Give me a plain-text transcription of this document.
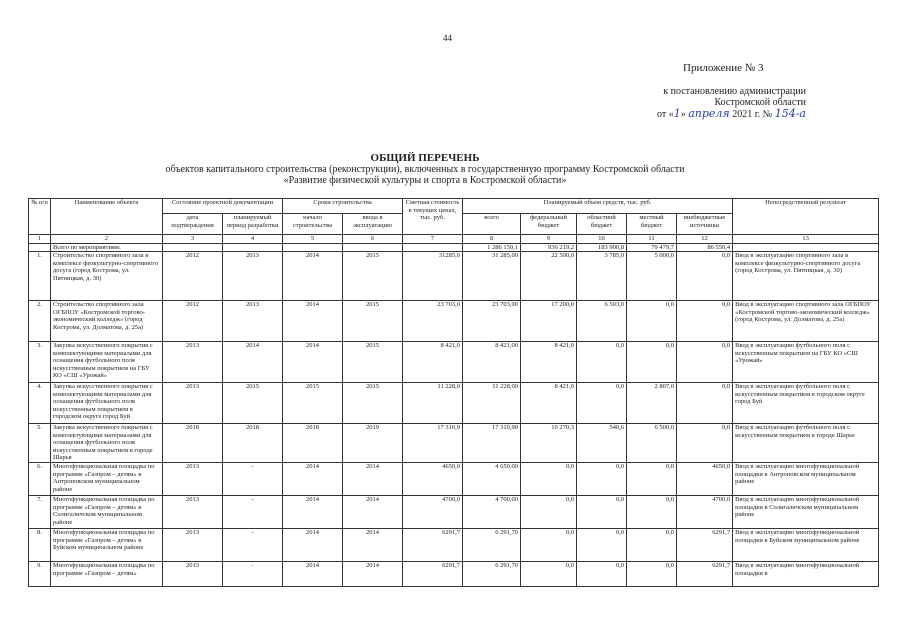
44
Приложение № 3
к постановлению администрации
Костромской области
от «1» апреля 2021 г. № 154-а
ОБЩИЙ ПЕРЕЧЕНЬ
объектов капитального строительства (реконструкции), включенных в государственную программу Костромской области
«Развитие физической культуры и спорта в Костромской области»
№ п/п	Наименование объекта	Состояние проектной документации		Сроки строительства		Сметная стоимость в текущих ценах, тыс. руб.	Планируемый объем средств, тыс. руб.					Непосредственный результат
		дата подтверждения	планируемый период разработки	начало строительства	ввода в эксплуатацию		всего	федеральный бюджет	областной бюджет	местный бюджет	внебюджетные источники	
1	2	3	4	5	6	7	8	9	10	11	12	13
	Всего по мероприятиям:						1 286 150,1	936 219,2	183 900,8	79 479,7	86 550,4	
1.	Строительство спортивного зала в комплексе физкультурно-спортивного досуга (город Кострома, ул. Пятницкая, д. 30)	2012	2013	2014	2015	31285,0	31 285,00	22 500,0	3 785,0	5 000,0	0,0	Ввод в эксплуатацию спортивного зала в комплексе физкультурно-спортивного досуга (город Кострома, ул. Пятницкая, д. 30)
2.	Строительство спортивного зала ОГБПОУ «Костромской торгово-экономический колледж» (город Кострома, ул. Долматова, д. 25а)	2012	2013	2014	2015	23 703,0	23 703,00	17 200,0	6 503,0	0,0	0,0	Ввод в эксплуатацию спортивного зала ОГБПОУ «Костромской торгово-экономический колледж» (город Кострома, ул. Долматова, д. 25а)
3.	Закупка искусственного покрытия с комплектующими материалами для оснащения футбольного поля искусственным покрытием на ГБУ КО «СШ «Урожай»	2013	2014	2014	2015	8 421,0	8 421,00	8 421,0	0,0	0,0	0,0	Ввод в эксплуатацию футбольного поля с искусственным покрытием на ГБУ КО «СШ «Урожай»
4.	Закупка искусственного покрытия с комплектующими материалами для оснащения футбольного поля искусственным покрытием в городском округе город Буй	2013	2015	2015	2015	11 228,0	11 228,00	8 421,0	0,0	2 807,0	0,0	Ввод в эксплуатацию футбольного поля с искусственным покрытием в городском округе город Буй
5.	Закупка искусственного покрытия с комплектующими материалами для оснащения футбольного поля искусственным покрытием в городе Шарья	2018	2018	2018	2019	17 310,9	17 310,90	10 270,3	540,6	6 500,0	0,0	Ввод в эксплуатацию футбольного поля с искусственным покрытием в городе Шарье
6.	Многофункциональная площадка по программе «Газпром – детям» в Антроповском муниципальном районе	2013	-	2014	2014	4650,0	4 650,00	0,0	0,0	0,0	4650,0	Ввод в эксплуатацию многофункциональной площадки в Антроповском муниципальном районе
7.	Многофункциональная площадка по программе «Газпром – детям» в Солигаличском муниципальном районе	2013	-	2014	2014	4700,0	4 700,00	0,0	0,0	0,0	4700,0	Ввод в эксплуатацию многофункциональной площадки в Солигаличском муниципальном районе
8.	Многофункциональная площадка по программе «Газпром – детям» в Буйском муниципальном районе	2013	-	2014	2014	6291,7	6 291,70	0,0	0,0	0,0	6291,7	Ввод в эксплуатацию многофункциональной площадки в Буйском муниципальном районе
9.	Многофункциональная площадка по программе «Газпром – детям»	2013	-	2014	2014	6291,7	6 291,70	0,0	0,0	0,0	6291,7	Ввод в эксплуатацию многофункциональной площадки в
